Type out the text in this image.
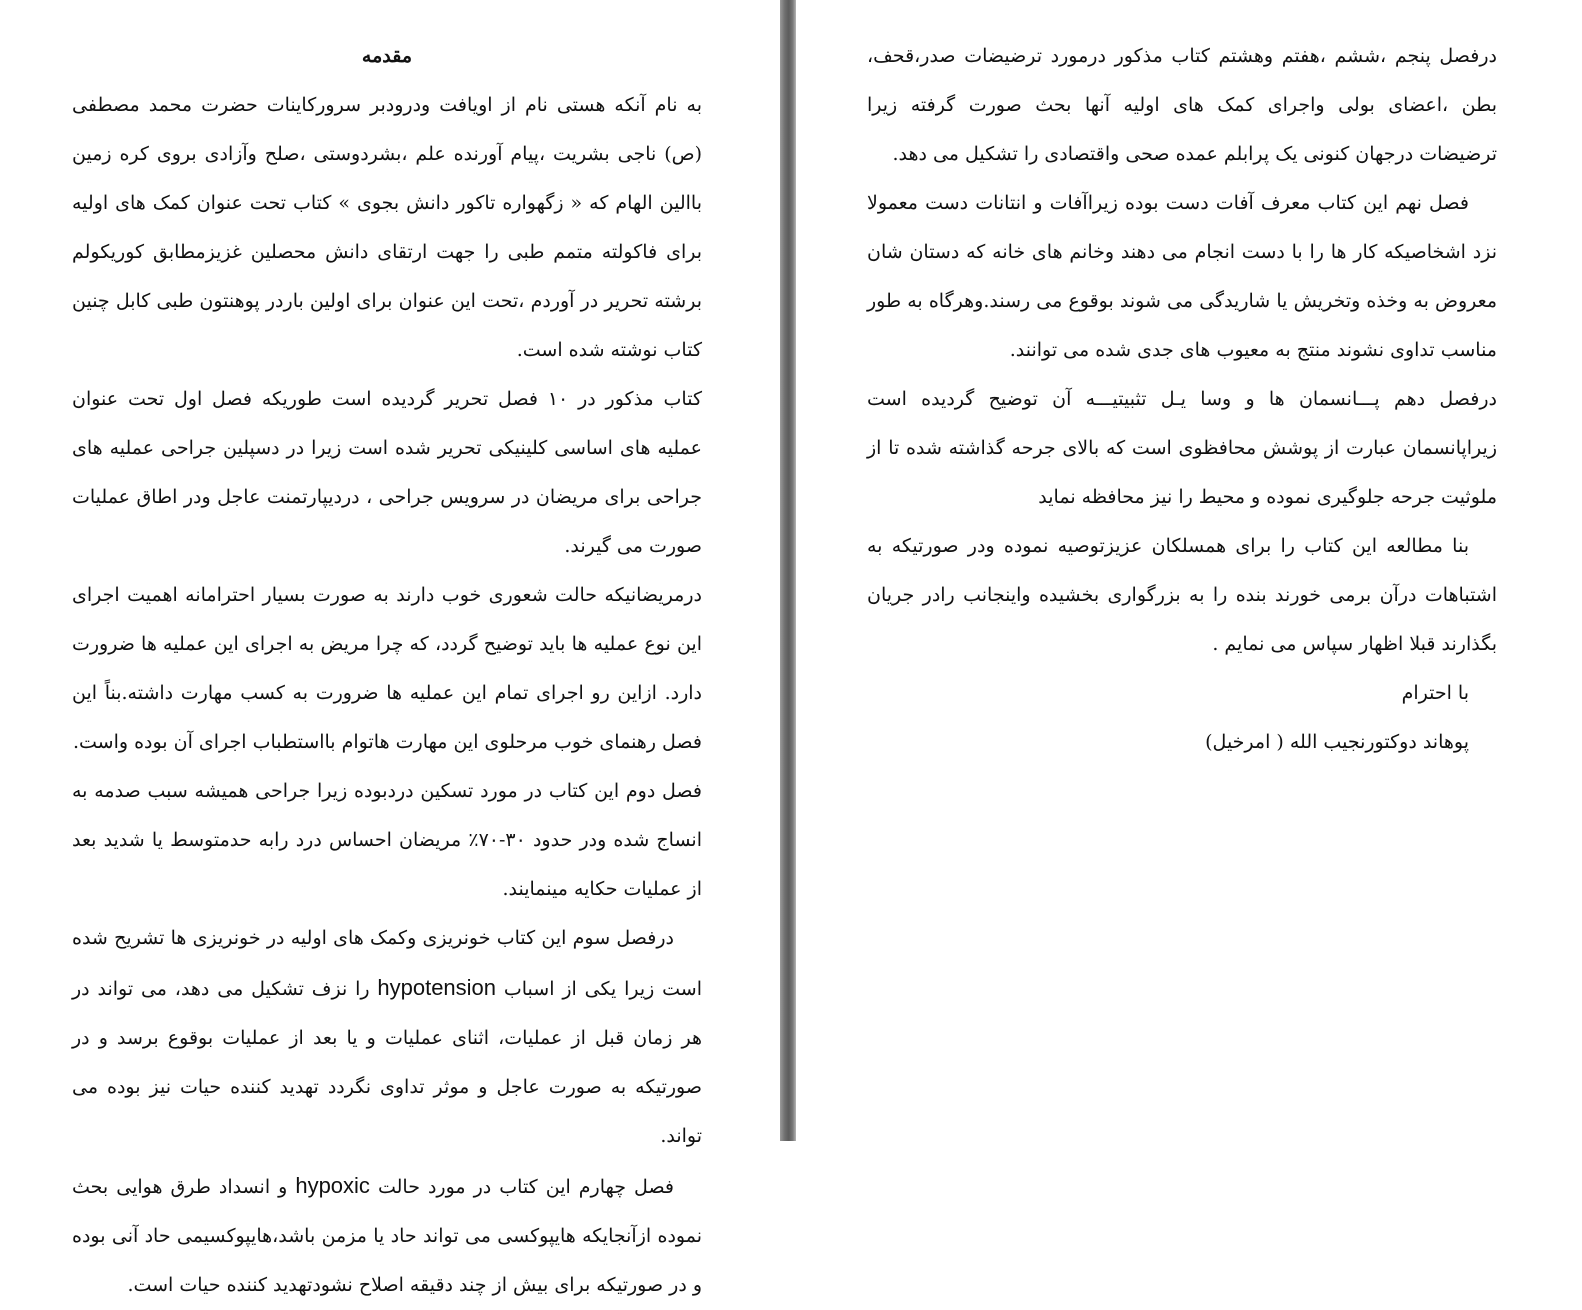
مقدمه

به نام آنکه هستی نام از اویافت ودرودبر سرورکاینات حضرت محمد مصطفی (ص) ناجی بشریت ،پیام آورنده علم ،بشردوستی ،صلح وآزادی بروی کره زمین باالین الهام که « زگهواره تاکور دانش بجوی » کتاب تحت عنوان کمک های اولیه برای فاکولته متمم طبی را جهت ارتقای دانش محصلین غزیزمطابق کوریکولم برشته تحریر در آوردم ،تحت این عنوان برای اولین باردر پوهنتون طبی کابل چنین کتاب نوشته شده است.

کتاب مذکور در ۱۰ فصل تحریر گردیده است طوریکه فصل اول تحت عنوان عملیه های اساسی کلینیکی تحریر شده است زیرا در دسپلین جراحی عملیه های جراحی برای مریضان در سرویس جراحی ، دردیپارتمنت عاجل ودر اطاق عملیات صورت می گیرند.

درمریضانیکه حالت شعوری خوب دارند به صورت بسیار احترامانه اهمیت اجرای این نوع عملیه ها باید توضیح گردد، که چرا مریض به اجرای این عملیه ها ضرورت دارد. ازاین رو اجرای تمام این عملیه ها ضرورت به کسب مهارت داشته.بناً این فصل رهنمای خوب مرحلوی این مهارت هاتوام بااستطباب اجرای آن بوده واست.

فصل دوم این کتاب در مورد تسکین دردبوده زیرا جراحی همیشه سبب صدمه به انساج شده ودر حدود ۳۰-۷۰٪ مریضان احساس درد رابه حدمتوسط یا شدید بعد از عملیات حکایه مینمایند.

درفصل سوم این کتاب خونریزی وکمک های اولیه در خونریزی ها تشریح شده است زیرا یکی از اسباب hypotension را نزف تشکیل می دهد، می تواند در هر زمان قبل از عملیات، اثنای عملیات و یا بعد از عملیات بوقوع برسد و در صورتیکه به صورت عاجل و موثر تداوی نگردد تهدید کننده حیات نیز بوده می تواند.

فصل چهارم این کتاب در مورد حالت hypoxic و انسداد طرق هوایی بحث نموده ازآنجایکه هایپوکسی می تواند حاد یا مزمن باشد،هایپوکسیمی حاد آنی بوده و در صورتیکه برای بیش از چند دقیقه اصلاح نشودتهدید کننده حیات است.

درفصل پنجم ،ششم ،هفتم وهشتم کتاب مذکور درمورد ترضیضات صدر،قحف، بطن ،اعضای بولی واجرای کمک های اولیه آنها بحث صورت گرفته زیرا ترضیضات درجهان کنونی یک پرابلم عمده صحی واقتصادی را تشکیل می دهد.

فصل نهم این کتاب معرف آفات دست بوده زیراآفات و انتانات دست معمولا نزد اشخاصیکه کار ها را با دست انجام می دهند وخانم های خانه که دستان شان معروض به وخذه وتخریش یا شاریدگی می شوند بوقوع می رسند.وهرگاه به طور مناسب تداوی نشوند منتج به معیوب های جدی شده می توانند.

درفصل دهم پـــانسمان ها و وسا یـل تثبیتیـــه آن توضیح گردیده است زیراپانسمان عبارت از پوشش محافظوی است که بالای جرحه گذاشته شده تا از ملوثیت جرحه جلوگیری نموده و محیط را نیز محافظه نماید

بنا مطالعه این کتاب را برای همسلکان عزیزتوصیه نموده ودر صورتیکه به اشتباهات درآن برمی خورند بنده را به بزرگواری بخشیده واینجانب رادر جریان بگذارند قبلا اظهار سپاس می نمایم .

با احترام

پوهاند دوکتورنجیب الله ( امرخیل)
